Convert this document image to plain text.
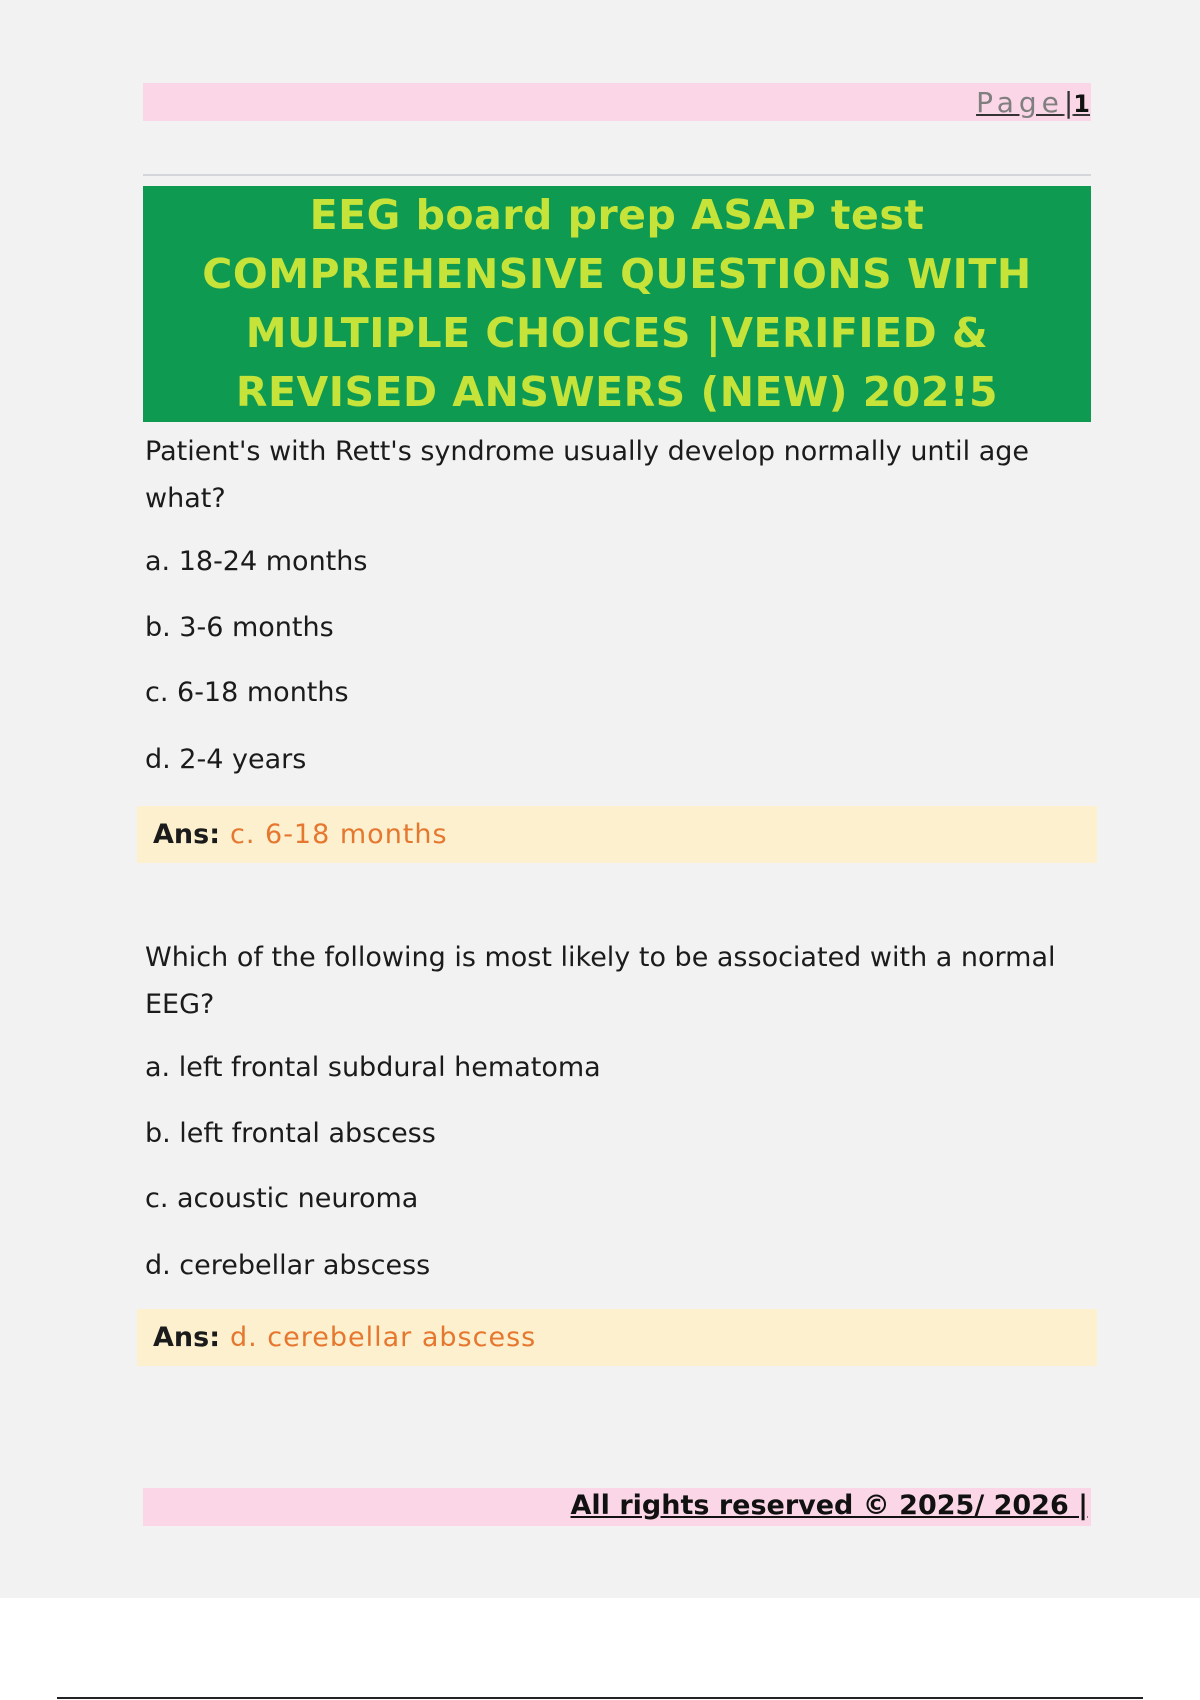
Page|1
EEG board prep ASAP test COMPREHENSIVE QUESTIONS WITH MULTIPLE CHOICES |VERIFIED & REVISED ANSWERS (NEW) 202!5

Patient's with Rett's syndrome usually develop normally until age what?

a. 18-24 months
b. 3-6 months
c. 6-18 months
d. 2-4 years
Ans: c. 6-18 months

Which of the following is most likely to be associated with a normal EEG?

a. left frontal subdural hematoma
b. left frontal abscess
c. acoustic neuroma
d. cerebellar abscess
Ans: d. cerebellar abscess
All rights reserved © 2025/ 2026 |
